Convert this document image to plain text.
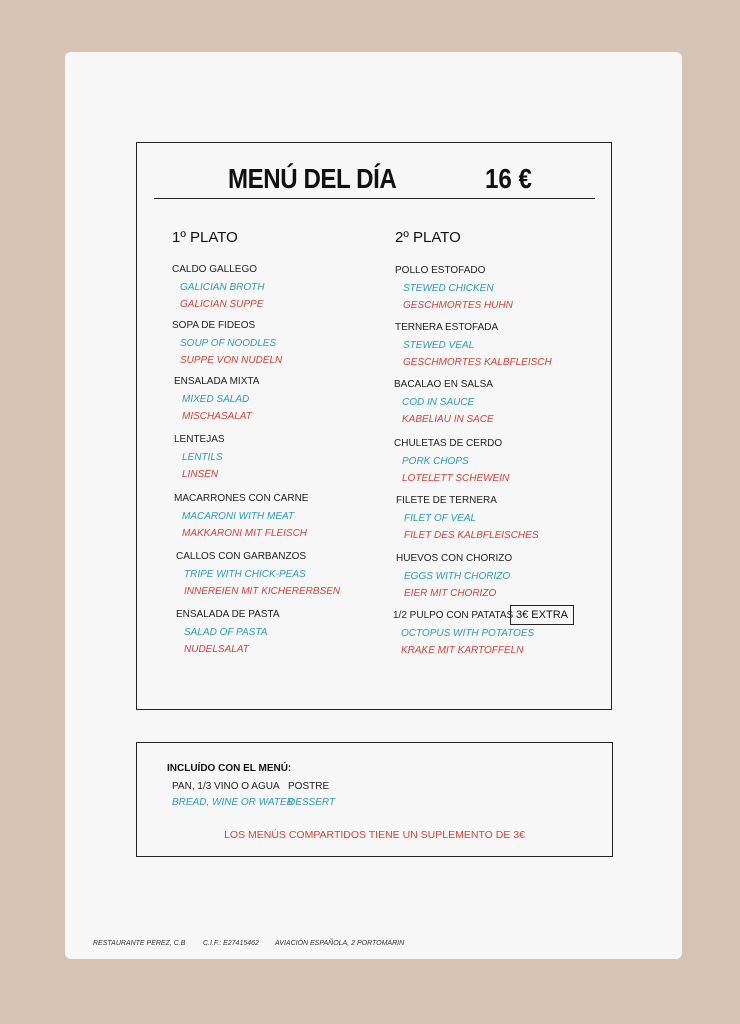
MENÚ DEL DÍA	16 €
1º PLATO	2º PLATO
CALDO GALLEGO
GALICIAN BROTH
GALICIAN SUPPE
SOPA DE FIDEOS
SOUP OF NOODLES
SUPPE VON NUDELN
ENSALADA MIXTA
MIXED SALAD
MISCHASALAT
LENTEJAS
LENTILS
LINSEN
MACARRONES CON CARNE
MACARONI WITH MEAT
MAKKARONI MIT FLEISCH
CALLOS CON GARBANZOS
TRIPE WITH CHICK-PEAS
INNEREIEN MIT KICHERERBSEN
ENSALADA DE PASTA
SALAD OF PASTA
NUDELSALAT
POLLO ESTOFADO
STEWED CHICKEN
GESCHMORTES HUHN
TERNERA ESTOFADA
STEWED VEAL
GESCHMORTES KALBFLEISCH
BACALAO EN SALSA
COD IN SAUCE
KABELIAU IN SACE
CHULETAS DE CERDO
PORK CHOPS
LOTELETT SCHEWEIN
FILETE DE TERNERA
FILET OF VEAL
FILET DES KALBFLEISCHES
HUEVOS CON CHORIZO
EGGS WITH CHORIZO
EIER MIT CHORIZO
1/2 PULPO CON PATATAS
OCTOPUS WITH POTATOES
KRAKE MIT KARTOFFELN
3€ EXTRA
INCLUÍDO CON EL MENÚ:
PAN, 1/3 VINO O AGUA POSTRE
BREAD, WINE OR WATER
DESSERT
LOS MENÚS COMPARTIDOS TIENE UN SUPLEMENTO DE 3€
RESTAURANTE PEREZ, C.B	C.I.F.: E27415462 AVIACIÓN ESPAÑOLA, 2 PORTOMARIN
